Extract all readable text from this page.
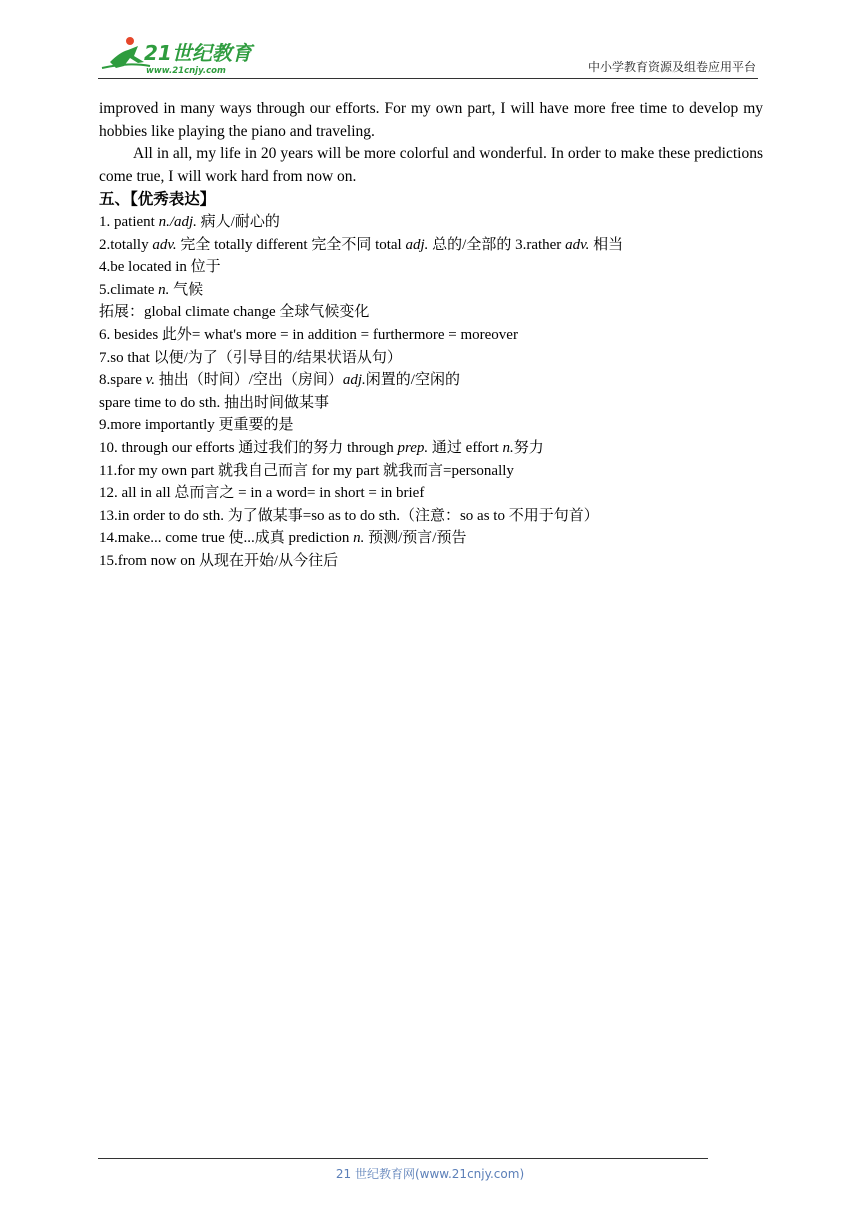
21世纪教育
www.21cnjy.com	中小学教育资源及组卷应用平台

improved in many ways through our efforts. For my own part, I will have more free time to develop my hobbies like playing the piano and traveling.

All in all, my life in 20 years will be more colorful and wonderful. In order to make these predictions come true, I will work hard from now on.

五、【优秀表达】

1. patient n./adj. 病人/耐心的

2.totally adv. 完全 totally different 完全不同 total adj. 总的/全部的 3.rather adv. 相当

4.be located in 位于

5.climate n. 气候

拓展：global climate change 全球气候变化

6. besides 此外= what's more = in addition = furthermore = moreover

7.so that 以便/为了（引导目的/结果状语从句）

8.spare v. 抽出（时间）/空出（房间）adj.闲置的/空闲的

spare time to do sth. 抽出时间做某事

9.more importantly 更重要的是

10. through our efforts 通过我们的努力 through prep. 通过 effort n.努力

11.for my own part 就我自己而言 for my part 就我而言=personally

12. all in all 总而言之 = in a word= in short = in brief

13.in order to do sth. 为了做某事=so as to do sth.（注意：so as to 不用于句首）

14.make... come true 使...成真 prediction n. 预测/预言/预告

15.from now on 从现在开始/从今往后

21 世纪教育网(www.21cnjy.com)
